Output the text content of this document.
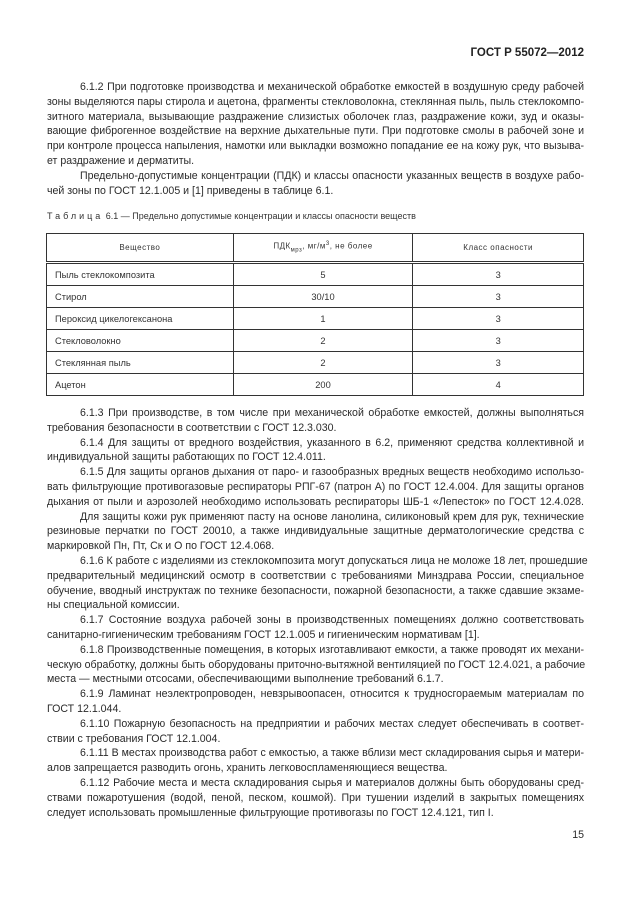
ГОСТ Р 55072—2012
6.1.2 При подготовке производства и механической обработке емкостей в воздушную среду рабочей
зоны выделяются пары стирола и ацетона, фрагменты стекловолокна, стеклянная пыль, пыль стеклокомпо-
зитного материала, вызывающие раздражение слизистых оболочек глаз, раздражение кожи, зуд и оказы-
вающие фиброгенное воздействие на верхние дыхательные пути. При подготовке смолы в рабочей зоне и
при контроле процесса напыления, намотки или выкладки возможно попадание ее на кожу рук, что вызыва-
ет раздражение и дерматиты.
Предельно-допустимые концентрации (ПДК) и классы опасности указанных веществ в воздухе рабо-
чей зоны по ГОСТ 12.1.005 и [1] приведены в таблице 6.1.
Таблица 6.1 — Предельно допустимые концентрации и классы опасности веществ
Вещество	$ПДК_{мрз}$, $мг/м^3$, не более	Класс опасности
Пыль стеклокомпозита	5	3
Стирол	30/10	3
Пероксид цикелогексанона	1	3
Стекловолокно	2	3
Стеклянная пыль	2	3
Ацетон	200	4
6.1.3 При производстве, в том числе при механической обработке емкостей, должны выполняться
требования безопасности в соответствии с ГОСТ 12.3.030.
6.1.4 Для защиты от вредного воздействия, указанного в 6.2, применяют средства коллективной и
индивидуальной защиты работающих по ГОСТ 12.4.011.
6.1.5 Для защиты органов дыхания от паро- и газообразных вредных веществ необходимо использо-
вать фильтрующие противогазовые респираторы РПГ-67 (патрон А) по ГОСТ 12.4.004. Для защиты органов
дыхания от пыли и аэрозолей необходимо использовать респираторы ШБ-1 «Лепесток» по ГОСТ 12.4.028.
Для защиты кожи рук применяют пасту на основе ланолина, силиконовый крем для рук, технические
резиновые перчатки по ГОСТ 20010, а также индивидуальные защитные дерматологические средства с
маркировкой Пн, Пт, Ск и О по ГОСТ 12.4.068.
6.1.6 К работе с изделиями из стеклокомпозита могут допускаться лица не моложе 18 лет, прошедшие
предварительный медицинский осмотр в соответствии с требованиями Минздрава России, специальное
обучение, вводный инструктаж по технике безопасности, пожарной безопасности, а также сдавшие экзаме-
ны специальной комиссии.
6.1.7 Состояние воздуха рабочей зоны в производственных помещениях должно соответствовать
санитарно-гигиеническим требованиям ГОСТ 12.1.005 и гигиеническим нормативам [1].
6.1.8 Производственные помещения, в которых изготавливают емкости, а также проводят их механи-
ческую обработку, должны быть оборудованы приточно-вытяжной вентиляцией по ГОСТ 12.4.021, а рабочие
места — местными отсосами, обеспечивающими выполнение требований 6.1.7.
6.1.9 Ламинат неэлектропроводен, невзрывоопасен, относится к трудносгораемым материалам по
ГОСТ 12.1.044.
6.1.10 Пожарную безопасность на предприятии и рабочих местах следует обеспечивать в соответ-
ствии с требования ГОСТ 12.1.004.
6.1.11 В местах производства работ с емкостью, а также вблизи мест складирования сырья и матери-
алов запрещается разводить огонь, хранить легковоспламеняющиеся вещества.
6.1.12 Рабочие места и места складирования сырья и материалов должны быть оборудованы сред-
ствами пожаротушения (водой, пеной, песком, кошмой). При тушении изделий в закрытых помещениях
следует использовать промышленные фильтрующие противогазы по ГОСТ 12.4.121, тип I.
15
